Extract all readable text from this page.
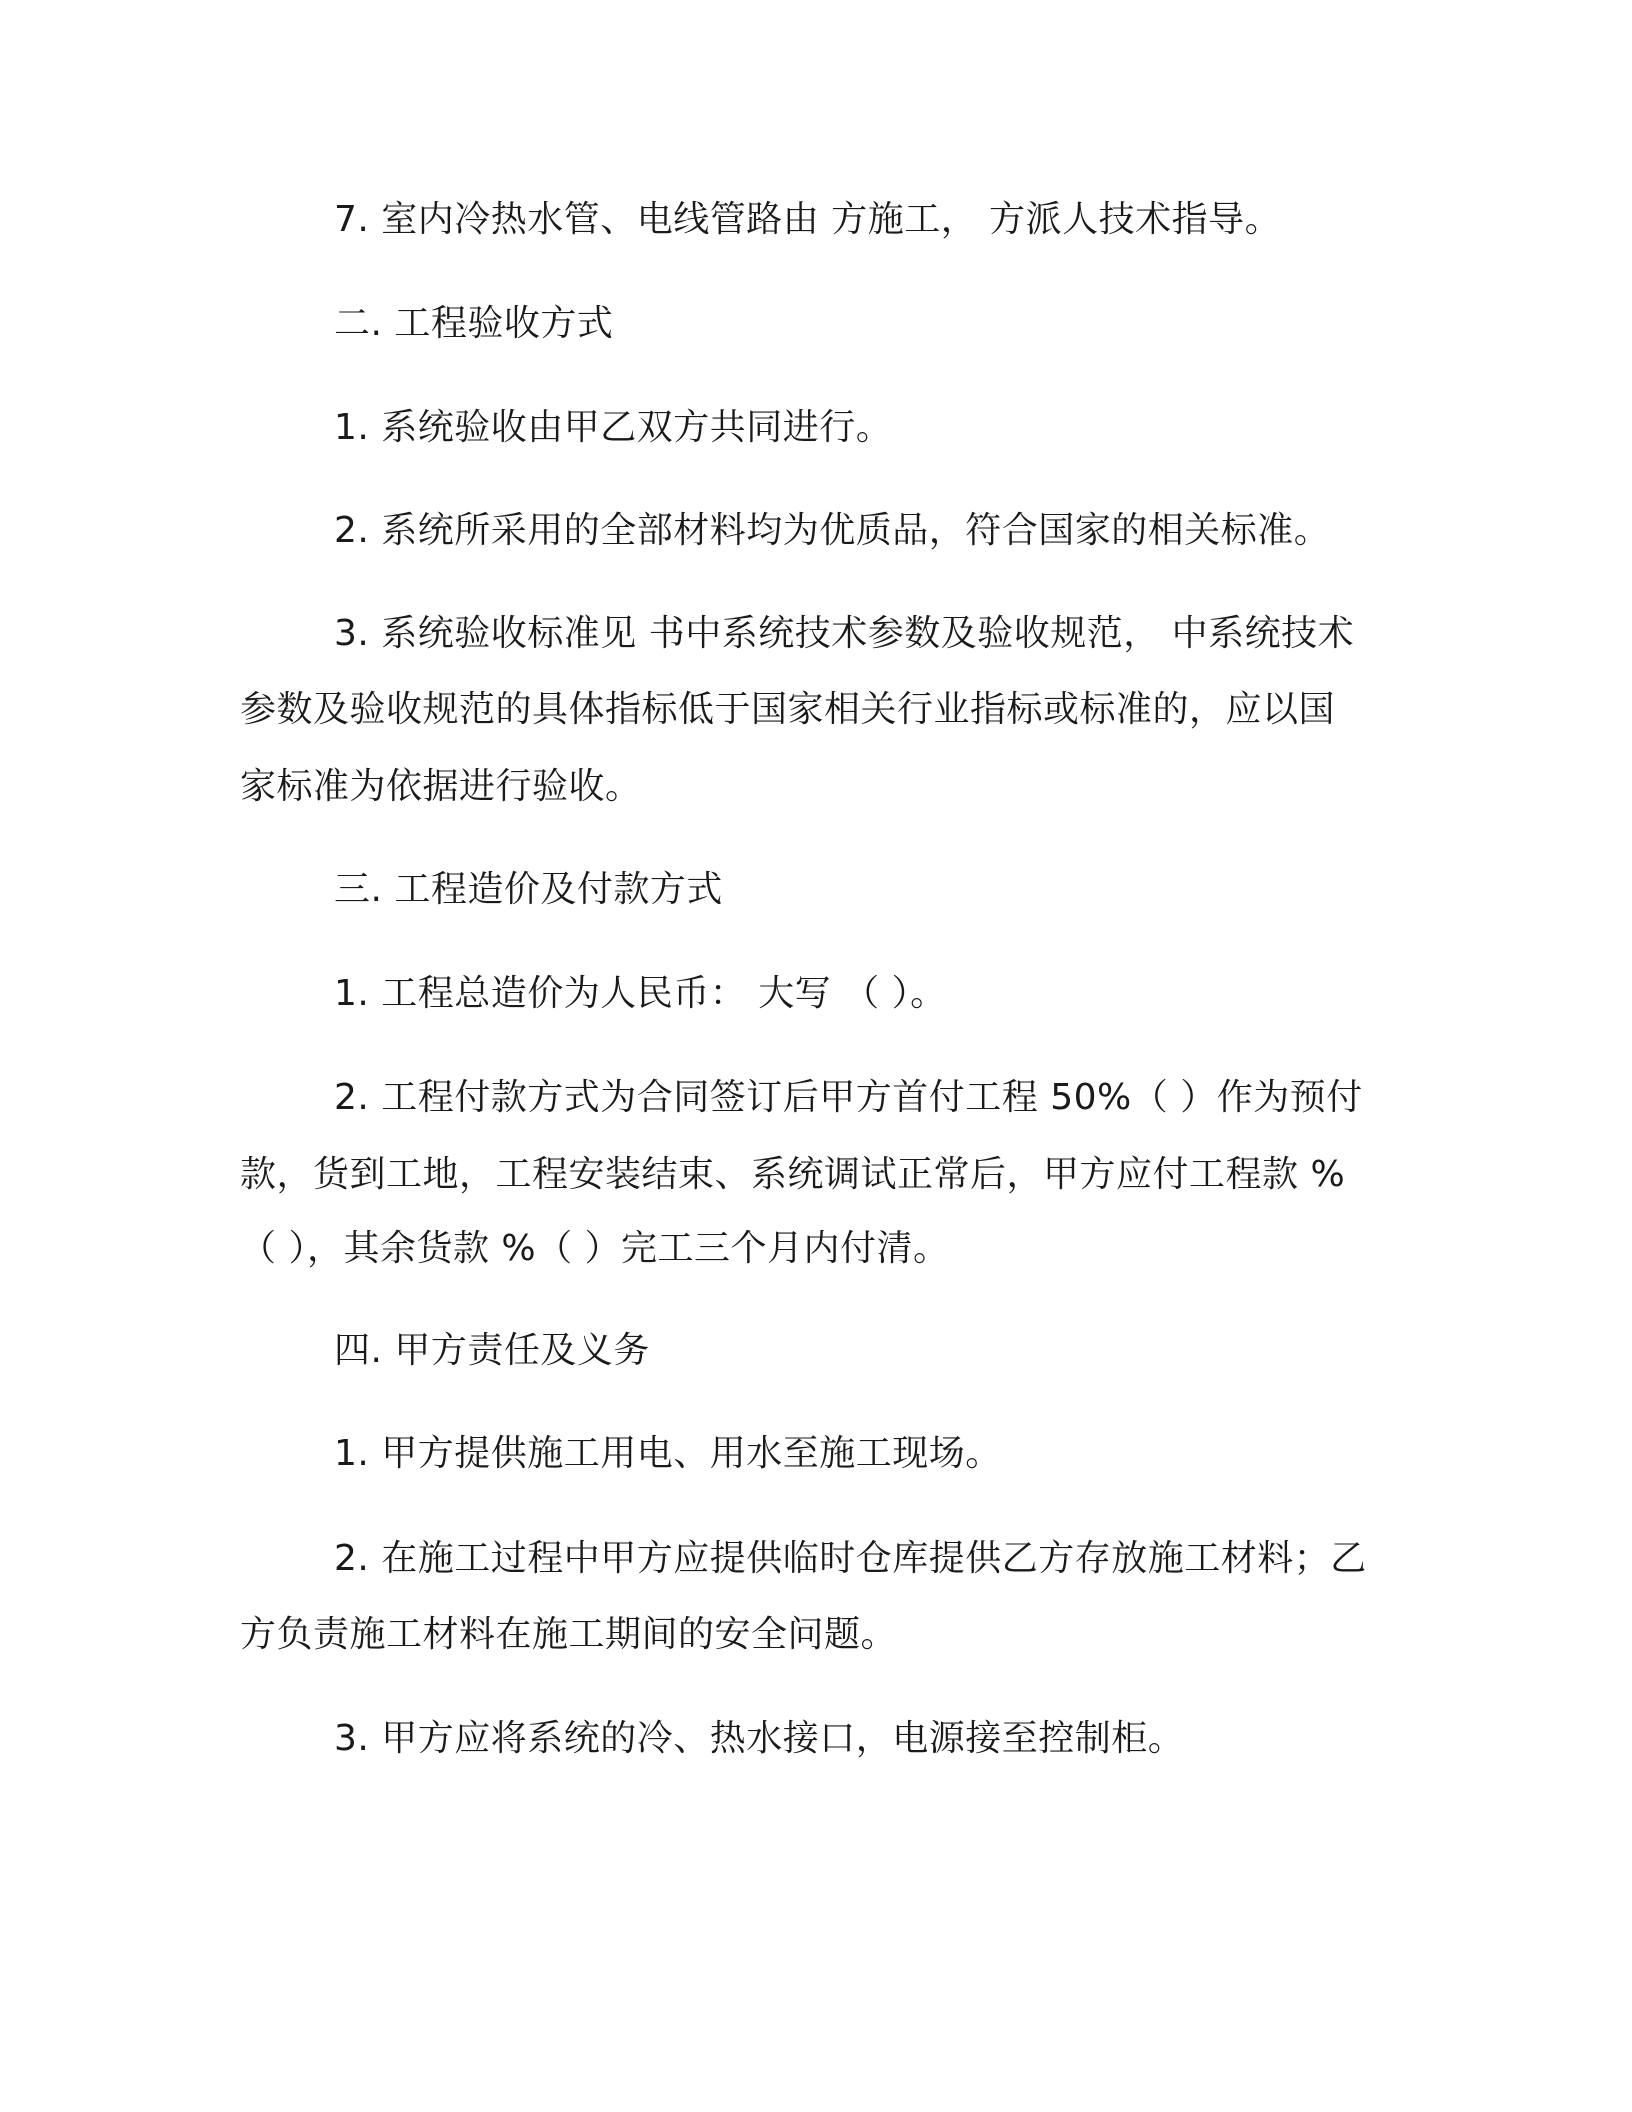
7. 室内冷热水管、电线管路由 方施工， 方派人技术指导。
二. 工程验收方式
1. 系统验收由甲乙双方共同进行。
2. 系统所采用的全部材料均为优质品，符合国家的相关标准。
3. 系统验收标准见 书中系统技术参数及验收规范， 中系统技术
参数及验收规范的具体指标低于国家相关行业指标或标准的，应以国
家标准为依据进行验收。
三. 工程造价及付款方式
1. 工程总造价为人民币： 大写 （ ）。
2. 工程付款方式为合同签订后甲方首付工程 50%（ ）作为预付
款，货到工地，工程安装结束、系统调试正常后，甲方应付工程款 %
（ ），其余货款 %（ ）完工三个月内付清。
四. 甲方责任及义务
1. 甲方提供施工用电、用水至施工现场。
2. 在施工过程中甲方应提供临时仓库提供乙方存放施工材料；乙
方负责施工材料在施工期间的安全问题。
3. 甲方应将系统的冷、热水接口，电源接至控制柜。
